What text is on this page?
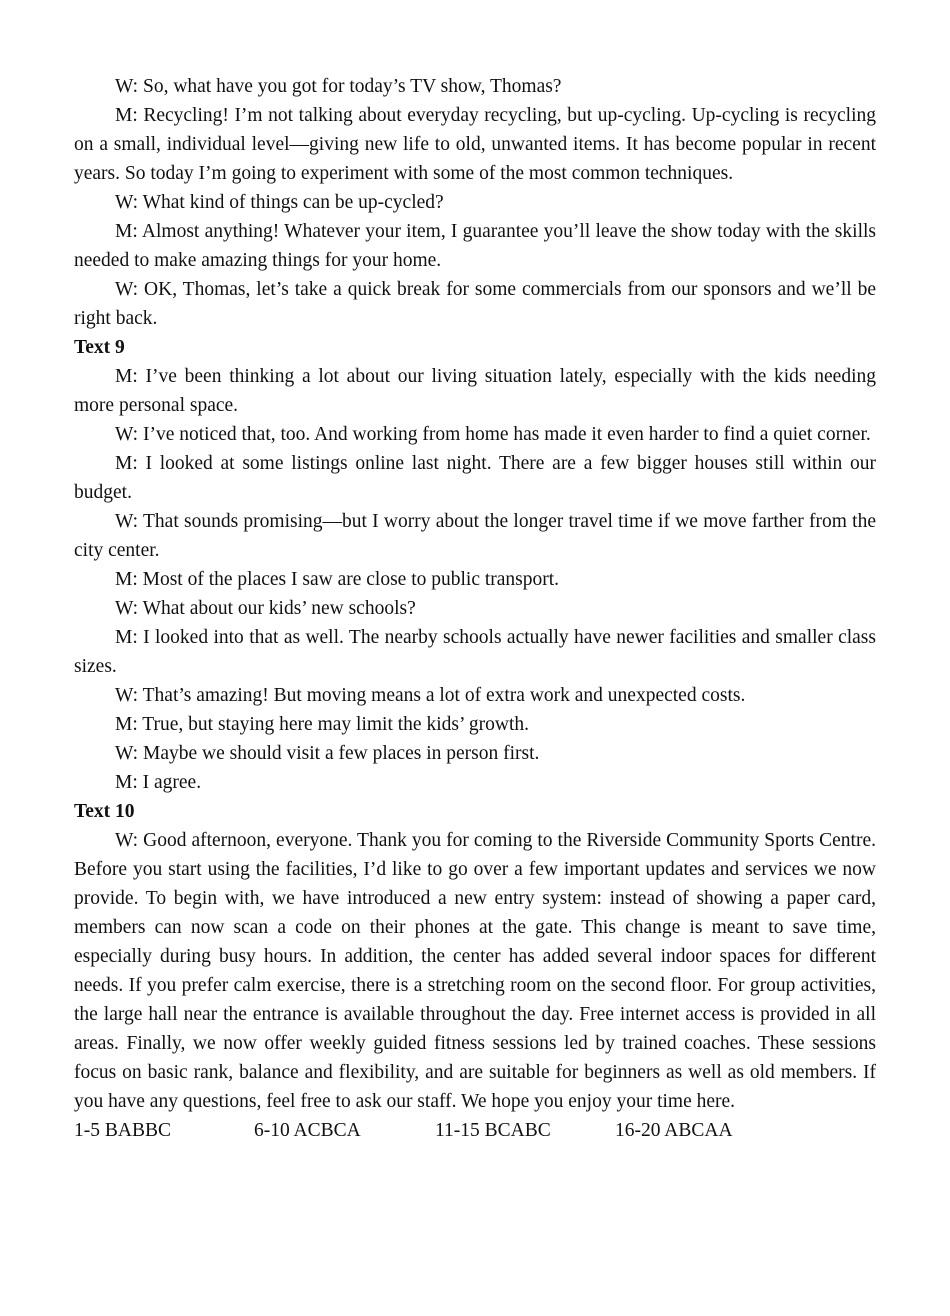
W: So, what have you got for today’s TV show, Thomas?

M: Recycling! I’m not talking about everyday recycling, but up-cycling. Up-cycling is recycling on a small, individual level—giving new life to old, unwanted items. It has become popular in recent years. So today I’m going to experiment with some of the most common techniques.

W: What kind of things can be up-cycled?

M: Almost anything! Whatever your item, I guarantee you’ll leave the show today with the skills needed to make amazing things for your home.

W: OK, Thomas, let’s take a quick break for some commercials from our sponsors and we’ll be right back.

Text 9

M: I’ve been thinking a lot about our living situation lately, especially with the kids needing more personal space.

W: I’ve noticed that, too. And working from home has made it even harder to find a quiet corner.

M: I looked at some listings online last night. There are a few bigger houses still within our budget.

W: That sounds promising—but I worry about the longer travel time if we move farther from the city center.

M: Most of the places I saw are close to public transport.

W: What about our kids’ new schools?

M: I looked into that as well. The nearby schools actually have newer facilities and smaller class sizes.

W: That’s amazing! But moving means a lot of extra work and unexpected costs.

M: True, but staying here may limit the kids’ growth.

W: Maybe we should visit a few places in person first.

M: I agree.

Text 10

W: Good afternoon, everyone. Thank you for coming to the Riverside Community Sports Centre. Before you start using the facilities, I’d like to go over a few important updates and services we now provide. To begin with, we have introduced a new entry system: instead of showing a paper card, members can now scan a code on their phones at the gate. This change is meant to save time, especially during busy hours. In addition, the center has added several indoor spaces for different needs. If you prefer calm exercise, there is a stretching room on the second floor. For group activities, the large hall near the entrance is available throughout the day. Free internet access is provided in all areas. Finally, we now offer weekly guided fitness sessions led by trained coaches. These sessions focus on basic rank, balance and flexibility, and are suitable for beginners as well as old members. If you have any questions, feel free to ask our staff. We hope you enjoy your time here.

1-5 BABBC	6-10 ACBCA	11-15 BCABC	16-20 ABCAA
